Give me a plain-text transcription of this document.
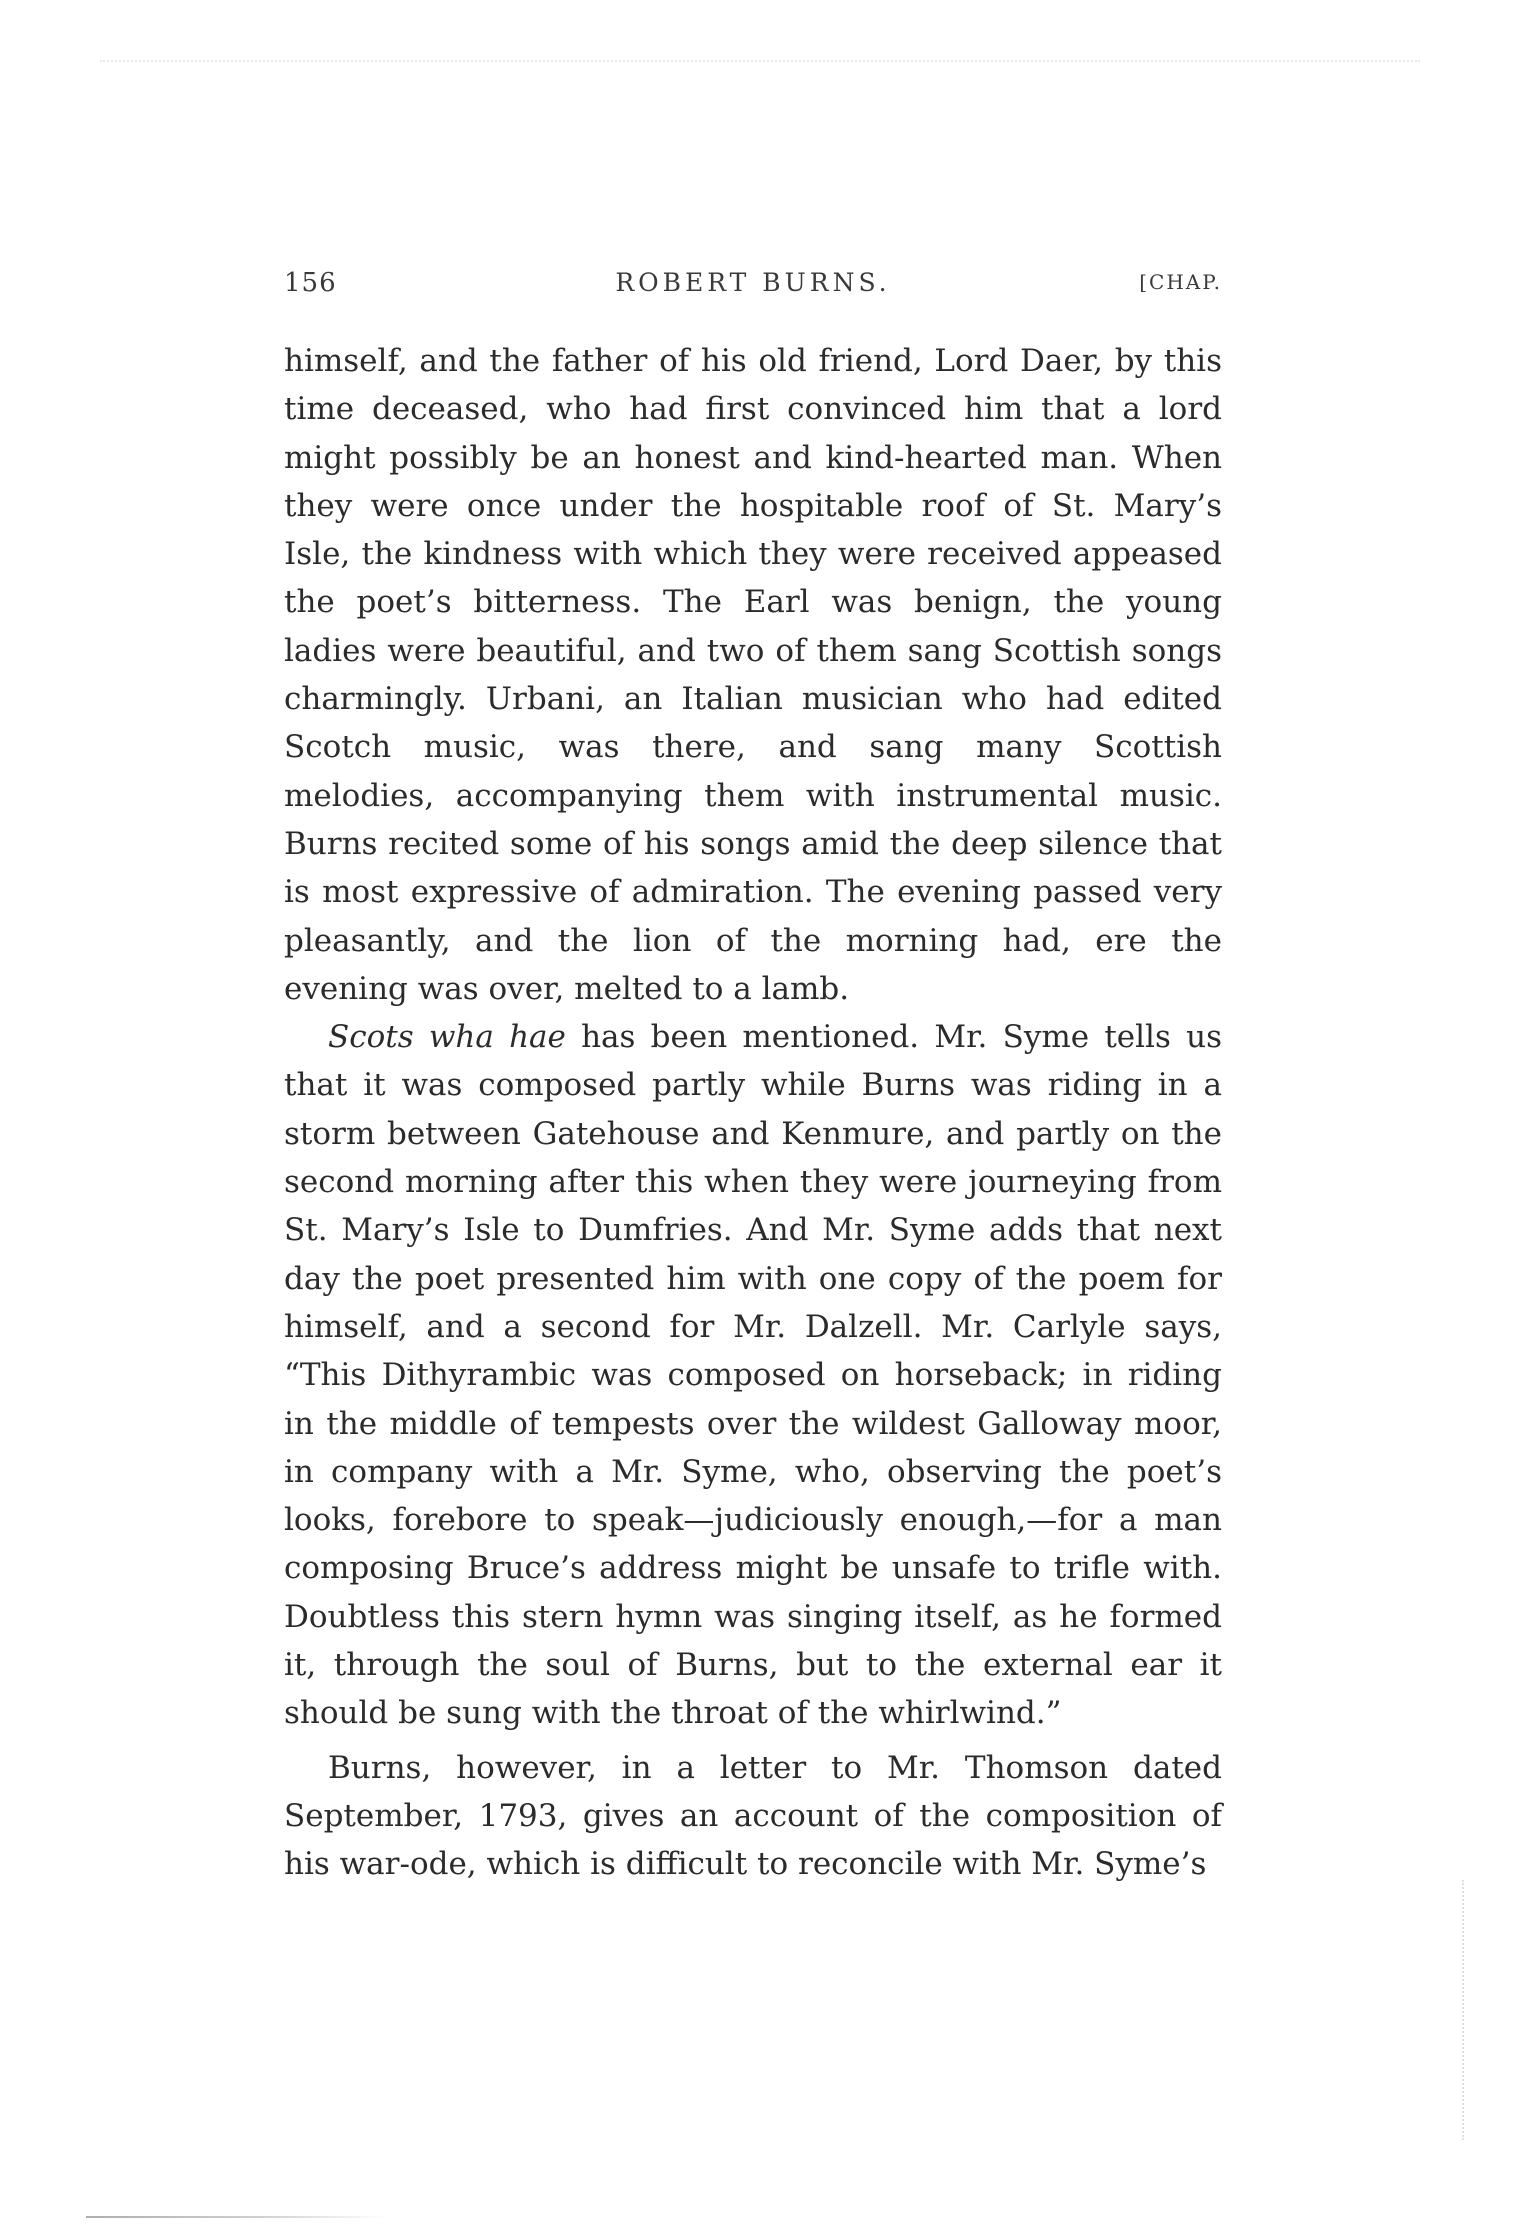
156	ROBERT BURNS.	[CHAP.

himself, and the father of his old friend, Lord Daer, by this time deceased, who had first convinced him that a lord might possibly be an honest and kind-hearted man. When they were once under the hospitable roof of St. Mary’s Isle, the kindness with which they were received appeased the poet’s bitterness. The Earl was benign, the young ladies were beautiful, and two of them sang Scottish songs charmingly. Urbani, an Italian musician who had edited Scotch music, was there, and sang many Scottish melodies, accompanying them with instrumental music. Burns recited some of his songs amid the deep silence that is most expressive of admiration. The evening passed very pleasantly, and the lion of the morning had, ere the evening was over, melted to a lamb.

Scots wha hae has been mentioned. Mr. Syme tells us that it was composed partly while Burns was riding in a storm between Gatehouse and Kenmure, and partly on the second morning after this when they were journeying from St. Mary’s Isle to Dumfries. And Mr. Syme adds that next day the poet presented him with one copy of the poem for himself, and a second for Mr. Dalzell. Mr. Carlyle says, “This Dithyrambic was composed on horseback; in riding in the middle of tempests over the wildest Galloway moor, in company with a Mr. Syme, who, observing the poet’s looks, forebore to speak—judiciously enough,—for a man composing Bruce’s address might be unsafe to trifle with. Doubtless this stern hymn was singing itself, as he formed it, through the soul of Burns, but to the external ear it should be sung with the throat of the whirlwind.”

Burns, however, in a letter to Mr. Thomson dated September, 1793, gives an account of the composition of his war-ode, which is difficult to reconcile with Mr. Syme’s
